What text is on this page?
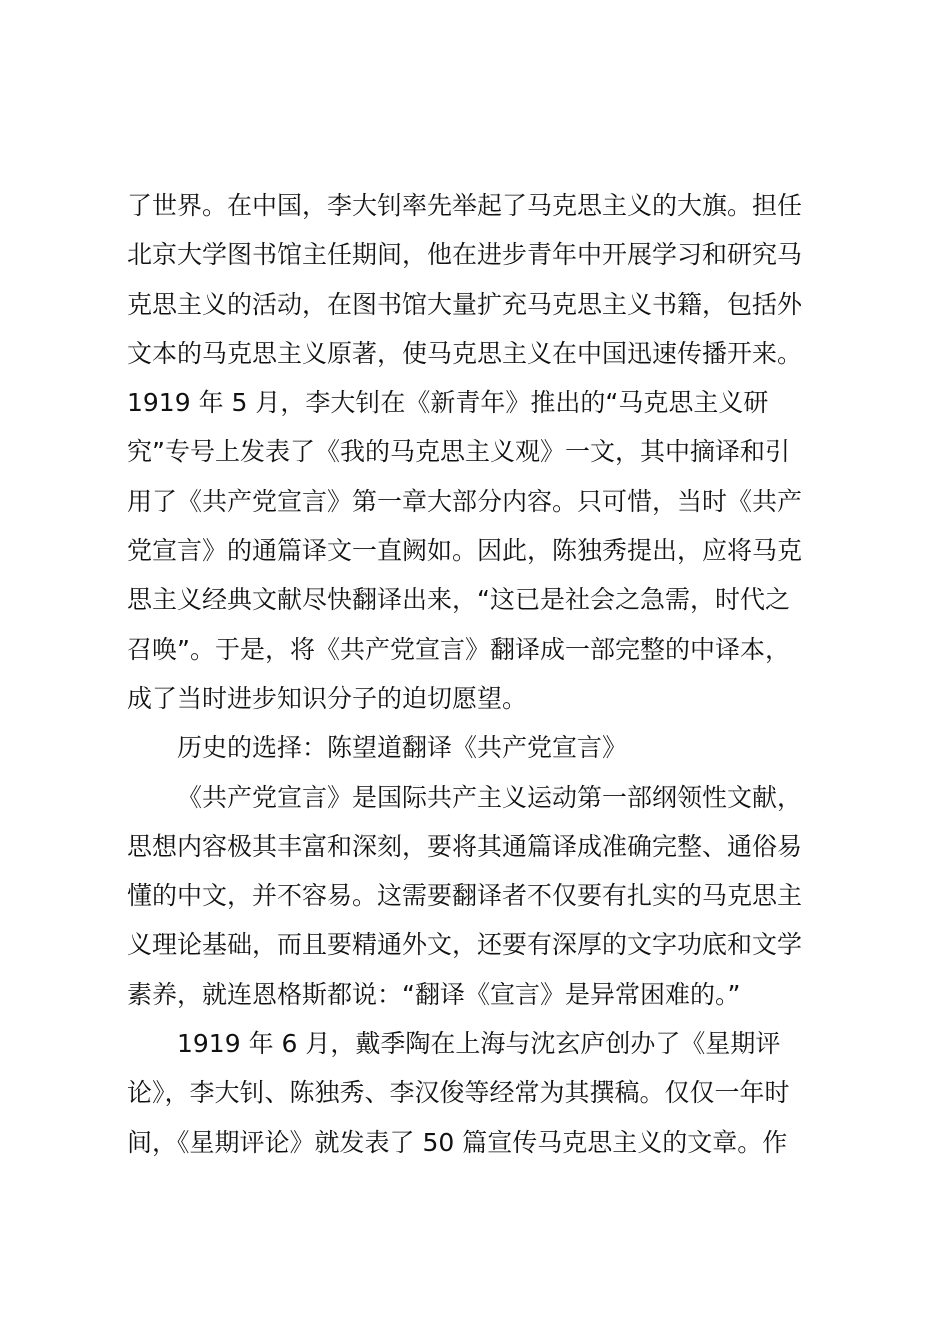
了世界。在中国，李大钊率先举起了马克思主义的大旗。担任

北京大学图书馆主任期间，他在进步青年中开展学习和研究马

克思主义的活动，在图书馆大量扩充马克思主义书籍，包括外

文本的马克思主义原著，使马克思主义在中国迅速传播开来。

1919 年 5 月，李大钊在《新青年》推出的“马克思主义研

究”专号上发表了《我的马克思主义观》一文，其中摘译和引

用了《共产党宣言》第一章大部分内容。只可惜，当时《共产

党宣言》的通篇译文一直阙如。因此，陈独秀提出，应将马克

思主义经典文献尽快翻译出来，“这已是社会之急需，时代之

召唤”。于是，将《共产党宣言》翻译成一部完整的中译本，

成了当时进步知识分子的迫切愿望。

历史的选择：陈望道翻译《共产党宣言》

《共产党宣言》是国际共产主义运动第一部纲领性文献，

思想内容极其丰富和深刻，要将其通篇译成准确完整、通俗易

懂的中文，并不容易。这需要翻译者不仅要有扎实的马克思主

义理论基础，而且要精通外文，还要有深厚的文字功底和文学

素养，就连恩格斯都说：“翻译《宣言》是异常困难的。”

1919 年 6 月，戴季陶在上海与沈玄庐创办了《星期评

论》，李大钊、陈独秀、李汉俊等经常为其撰稿。仅仅一年时

间，《星期评论》就发表了 50 篇宣传马克思主义的文章。作
